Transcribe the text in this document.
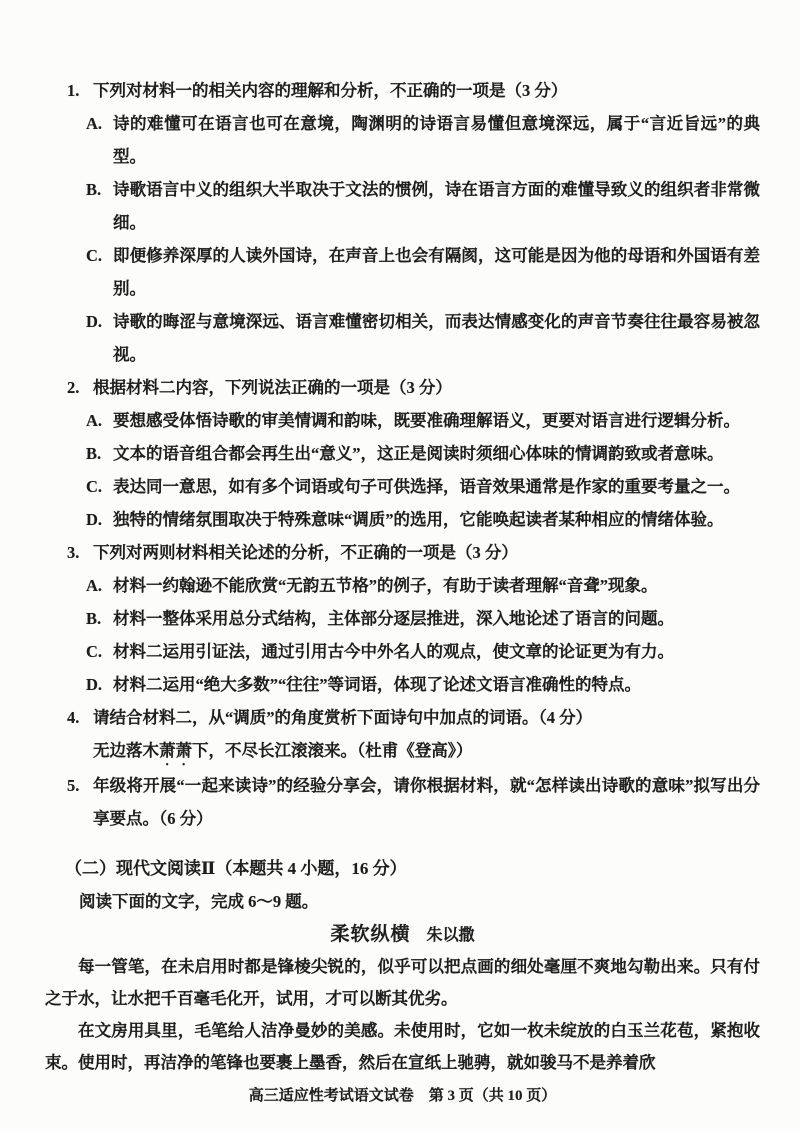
1. 下列对材料一的相关内容的理解和分析，不正确的一项是（3 分）
A. 诗的难懂可在语言也可在意境，陶渊明的诗语言易懂但意境深远，属于“言近旨远”的典型。
B. 诗歌语言中义的组织大半取决于文法的惯例，诗在语言方面的难懂导致义的组织者非常微细。
C. 即便修养深厚的人读外国诗，在声音上也会有隔阂，这可能是因为他的母语和外国语有差别。
D. 诗歌的晦涩与意境深远、语言难懂密切相关，而表达情感变化的声音节奏往往最容易被忽视。
2. 根据材料二内容，下列说法正确的一项是（3 分）
A. 要想感受体悟诗歌的审美情调和韵味，既要准确理解语义，更要对语言进行逻辑分析。
B. 文本的语音组合都会再生出“意义”，这正是阅读时须细心体味的情调韵致或者意味。
C. 表达同一意思，如有多个词语或句子可供选择，语音效果通常是作家的重要考量之一。
D. 独特的情绪氛围取决于特殊意味“调质”的选用，它能唤起读者某种相应的情绪体验。
3. 下列对两则材料相关论述的分析，不正确的一项是（3 分）
A. 材料一约翰逊不能欣赏“无韵五节格”的例子，有助于读者理解“音聋”现象。
B. 材料一整体采用总分式结构，主体部分逐层推进，深入地论述了语言的问题。
C. 材料二运用引证法，通过引用古今中外名人的观点，使文章的论证更为有力。
D. 材料二运用“绝大多数”“往往”等词语，体现了论述文语言准确性的特点。
4. 请结合材料二，从“调质”的角度赏析下面诗句中加点的词语。（4 分）
无边落木萧萧下，不尽长江滚滚来。（杜甫《登高》）
5. 年级将开展“一起来读诗”的经验分享会，请你根据材料，就“怎样读出诗歌的意味”拟写出分享要点。（6 分）
（二）现代文阅读Ⅱ（本题共 4 小题，16 分）
阅读下面的文字，完成 6～9 题。
柔软纵横 朱以撒

每一管笔，在未启用时都是锋棱尖锐的，似乎可以把点画的细处毫厘不爽地勾勒出来。只有付之于水，让水把千百毫毛化开，试用，才可以断其优劣。

在文房用具里，毛笔给人洁净曼妙的美感。未使用时，它如一枚未绽放的白玉兰花苞，紧抱收束。使用时，再洁净的笔锋也要裹上墨香，然后在宣纸上驰骋，就如骏马不是养着欣

高三适应性考试语文试卷　第 3 页（共 10 页）
